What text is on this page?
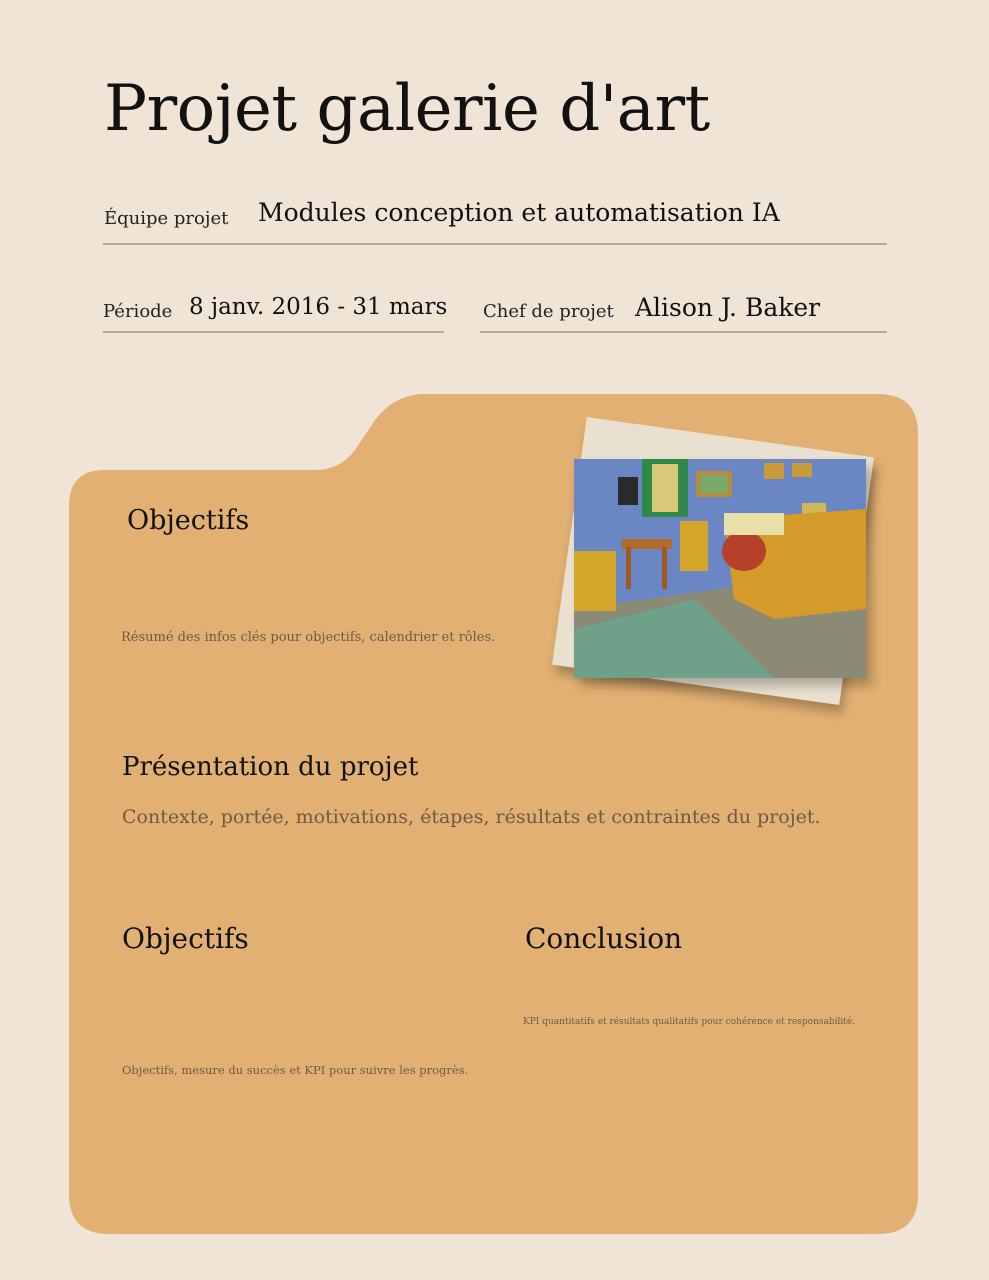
Projet galerie d'art
Équipe projet Modules conception et automatisation IA
Période 8 janv. 2016 - 31 mars Chef de projet Alison J. Baker
Objectifs
Résumé des infos clés pour objectifs, calendrier et rôles.
Présentation du projet
Contexte, portée, motivations, étapes, résultats et contraintes du projet.
Objectifs
Objectifs, mesure du succès et KPI pour suivre les progrès.
Conclusion
KPI quantitatifs et résultats qualitatifs pour cohérence et responsabilité.
